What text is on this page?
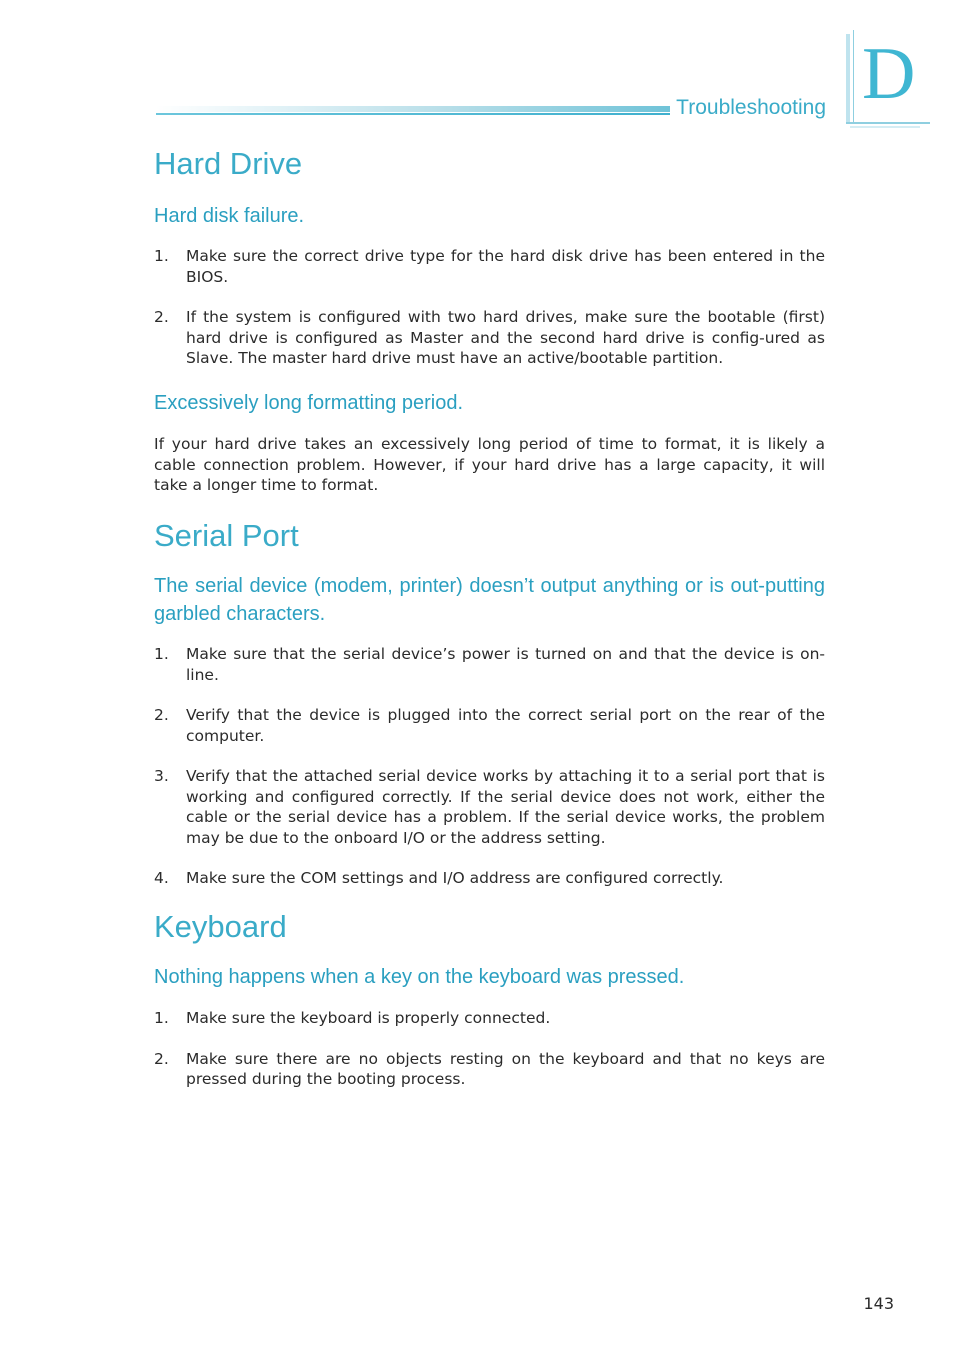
Troubleshooting D
Hard Drive
Hard disk failure.
1. Make sure the correct drive type for the hard disk drive has been entered in the BIOS.
2. If the system is configured with two hard drives, make sure the bootable (first) hard drive is configured as Master and the second hard drive is config-ured as Slave. The master hard drive must have an active/bootable partition.
Excessively long formatting period.
If your hard drive takes an excessively long period of time to format, it is likely a cable connection problem. However, if your hard drive has a large capacity, it will take a longer time to format.
Serial Port
The serial device (modem, printer) doesn’t output anything or is out-putting garbled characters.
1. Make sure that the serial device’s power is turned on and that the device is on-line.
2. Verify that the device is plugged into the correct serial port on the rear of the computer.
3. Verify that the attached serial device works by attaching it to a serial port that is working and configured correctly. If the serial device does not work, either the cable or the serial device has a problem. If the serial device works, the problem may be due to the onboard I/O or the address setting.
4. Make sure the COM settings and I/O address are configured correctly.
Keyboard
Nothing happens when a key on the keyboard was pressed.
1. Make sure the keyboard is properly connected.
2. Make sure there are no objects resting on the keyboard and that no keys are pressed during the booting process.
143
